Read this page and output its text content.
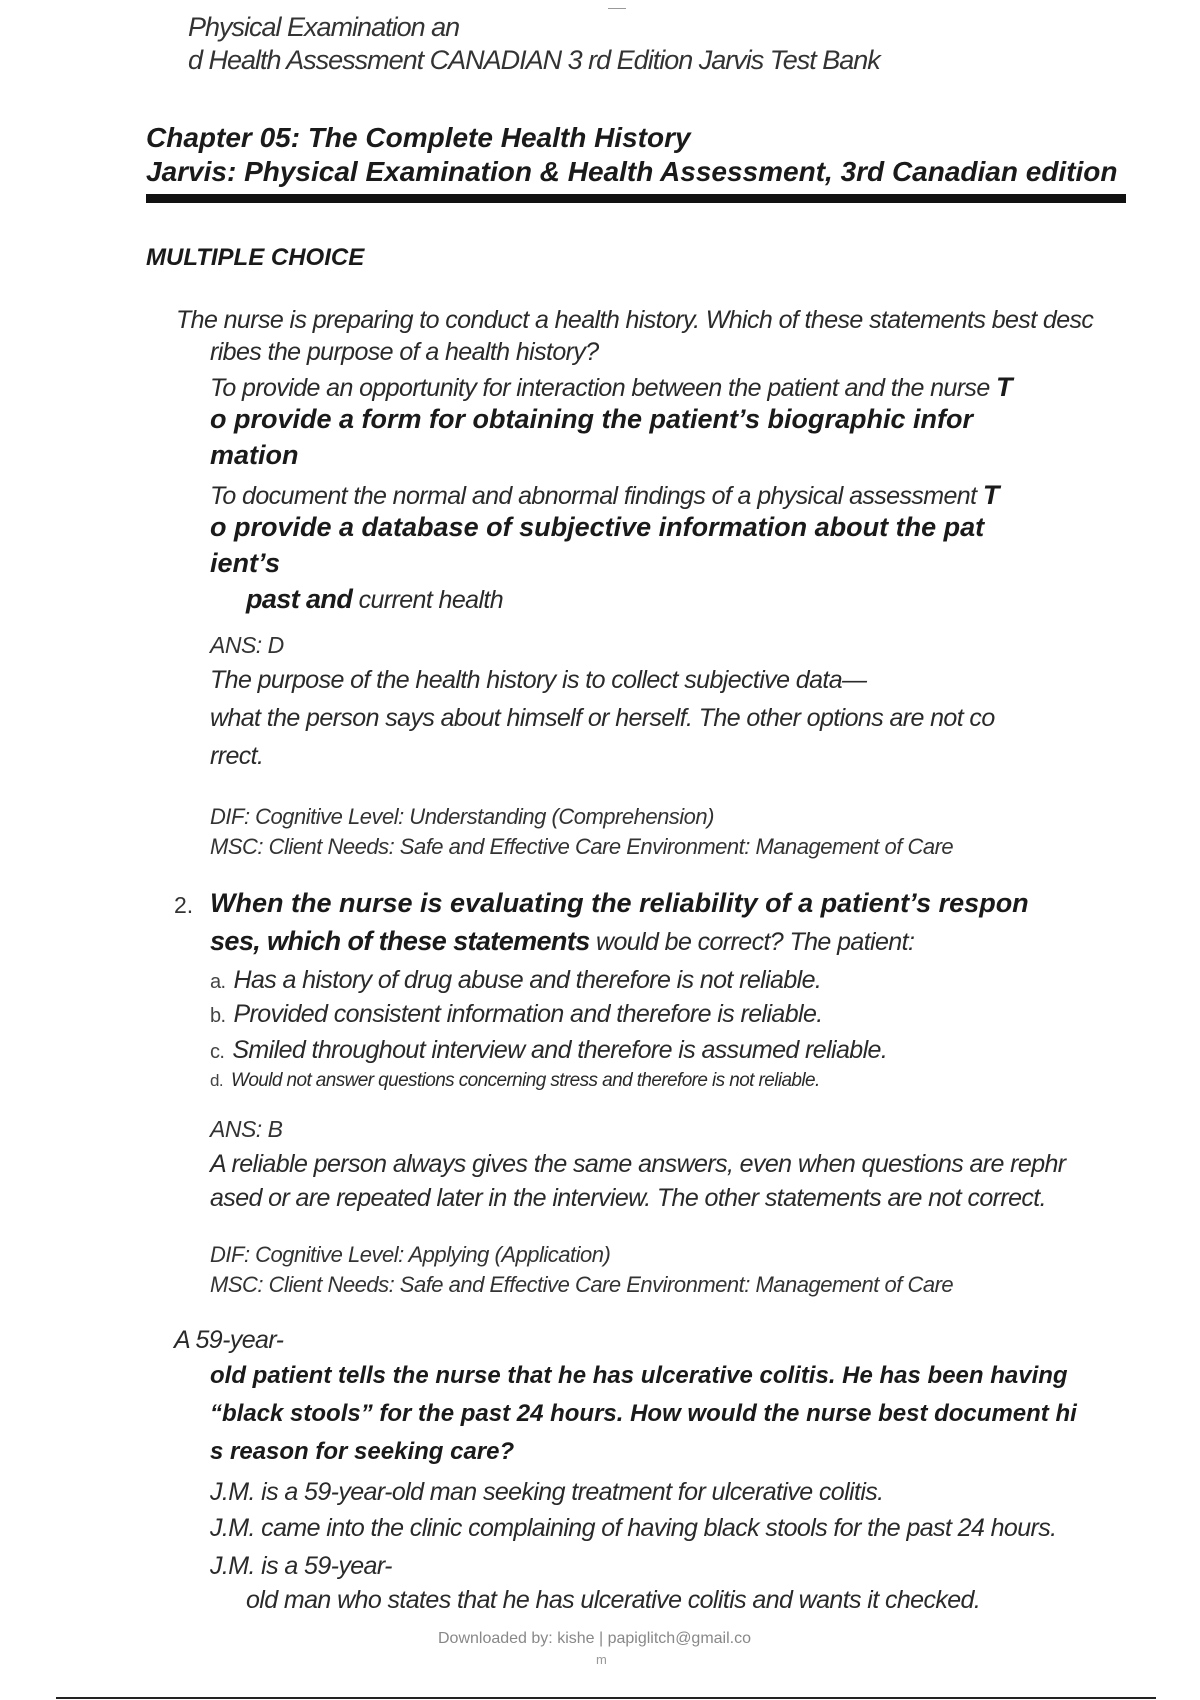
Physical Examination an
d Health Assessment CANADIAN 3 rd Edition Jarvis Test Bank
Chapter 05: The Complete Health History
Jarvis: Physical Examination & Health Assessment, 3rd Canadian edition
MULTIPLE CHOICE
The nurse is preparing to conduct a health history. Which of these statements best desc
ribes the purpose of a health history?
To provide an opportunity for interaction between the patient and the nurse T
o provide a form for obtaining the patient’s biographic infor
mation
To document the normal and abnormal findings of a physical assessment T
o provide a database of subjective information about the pat
ient’s
past and current health
ANS: D
The purpose of the health history is to collect subjective data—
what the person says about himself or herself. The other options are not co
rrect.
DIF: Cognitive Level: Understanding (Comprehension)
MSC: Client Needs: Safe and Effective Care Environment: Management of Care
2. When the nurse is evaluating the reliability of a patient’s respon
ses, which of these statements would be correct? The patient:
a. Has a history of drug abuse and therefore is not reliable.
b. Provided consistent information and therefore is reliable.
c. Smiled throughout interview and therefore is assumed reliable.
d. Would not answer questions concerning stress and therefore is not reliable.
ANS: B
A reliable person always gives the same answers, even when questions are rephr
ased or are repeated later in the interview. The other statements are not correct.
DIF: Cognitive Level: Applying (Application)
MSC: Client Needs: Safe and Effective Care Environment: Management of Care
A 59-year-
old patient tells the nurse that he has ulcerative colitis. He has been having
“black stools” for the past 24 hours. How would the nurse best document hi
s reason for seeking care?
J.M. is a 59-year-old man seeking treatment for ulcerative colitis.
J.M. came into the clinic complaining of having black stools for the past 24 hours.
J.M. is a 59-year-
old man who states that he has ulcerative colitis and wants it checked.
Downloaded by: kishe | papiglitch@gmail.co
m
